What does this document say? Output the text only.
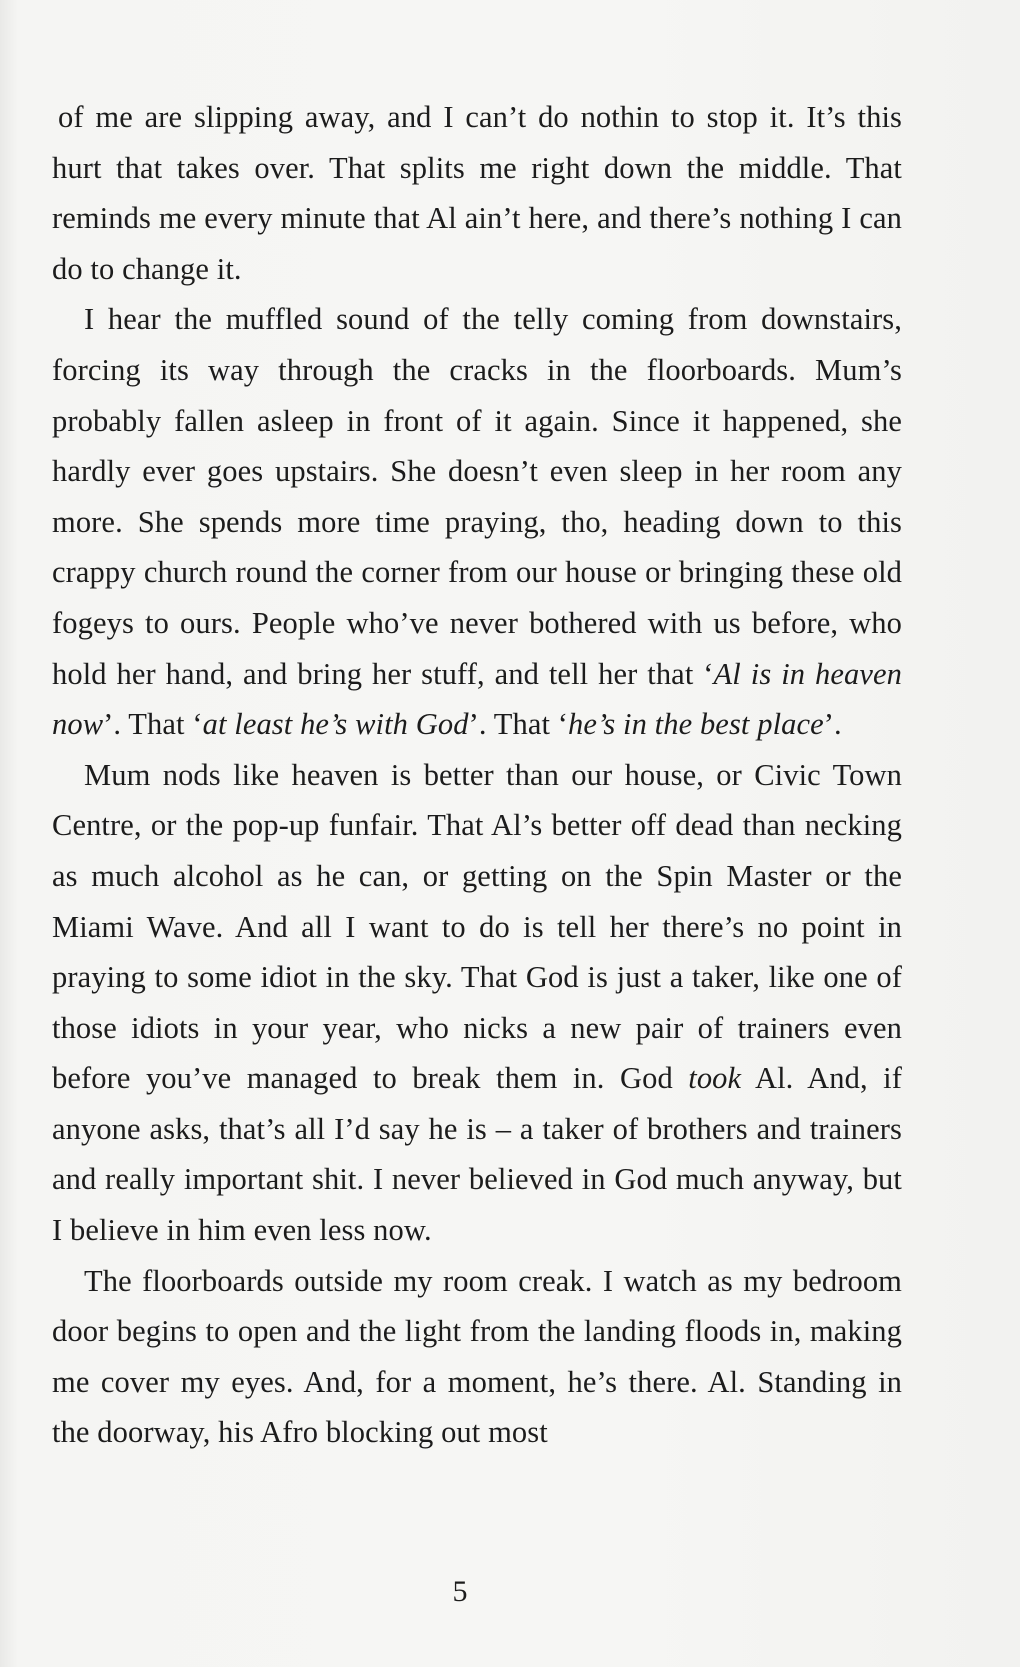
of me are slipping away, and I can’t do nothin to stop it. It’s this hurt that takes over. That splits me right down the middle. That reminds me every minute that Al ain’t here, and there’s nothing I can do to change it.

I hear the muffled sound of the telly coming from downstairs, forcing its way through the cracks in the floorboards. Mum’s probably fallen asleep in front of it again. Since it happened, she hardly ever goes upstairs. She doesn’t even sleep in her room any more. She spends more time praying, tho, heading down to this crappy church round the corner from our house or bringing these old fogeys to ours. People who’ve never bothered with us before, who hold her hand, and bring her stuff, and tell her that ‘Al is in heaven now’. That ‘at least he’s with God’. That ‘he’s in the best place’.

Mum nods like heaven is better than our house, or Civic Town Centre, or the pop-up funfair. That Al’s better off dead than necking as much alcohol as he can, or getting on the Spin Master or the Miami Wave. And all I want to do is tell her there’s no point in praying to some idiot in the sky. That God is just a taker, like one of those idiots in your year, who nicks a new pair of trainers even before you’ve managed to break them in. God took Al. And, if anyone asks, that’s all I’d say he is – a taker of brothers and trainers and really important shit. I never believed in God much anyway, but I believe in him even less now.

The floorboards outside my room creak. I watch as my bedroom door begins to open and the light from the landing floods in, making me cover my eyes. And, for a moment, he’s there. Al. Standing in the doorway, his Afro blocking out most

5
